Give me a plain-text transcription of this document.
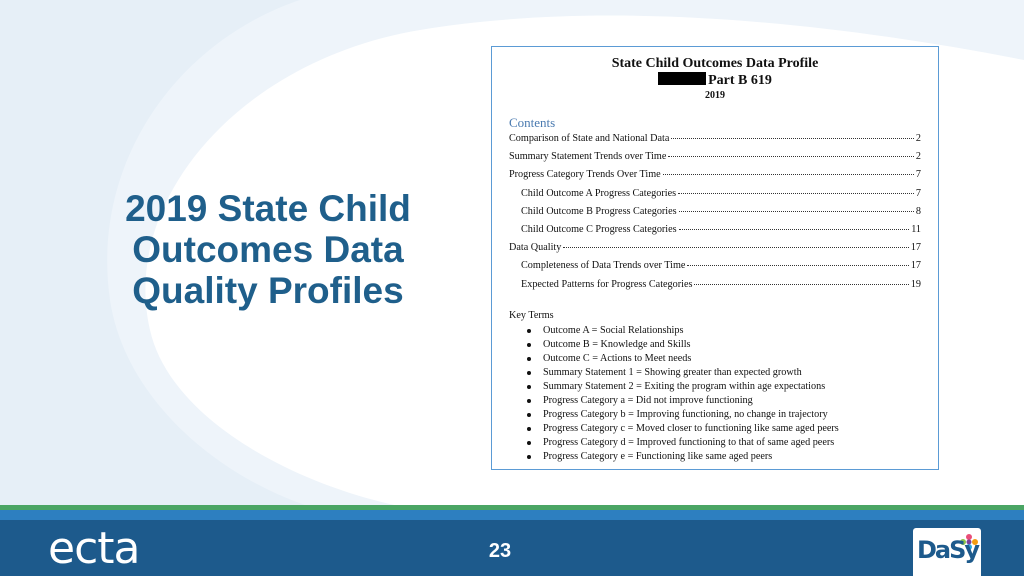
2019 State Child Outcomes Data Quality Profiles
State Child Outcomes Data Profile
Part B 619
2019
Contents
Comparison of State and National Data	2
Summary Statement Trends over Time	2
Progress Category Trends Over Time	7
Child Outcome A Progress Categories	7
Child Outcome B Progress Categories	8
Child Outcome C Progress Categories	11
Data Quality	17
Completeness of Data Trends over Time	17
Expected Patterns for Progress Categories	19
Key Terms
Outcome A = Social Relationships
Outcome B = Knowledge and Skills
Outcome C = Actions to Meet needs
Summary Statement 1 = Showing greater than expected growth
Summary Statement 2 = Exiting the program within age expectations
Progress Category a = Did not improve functioning
Progress Category b = Improving functioning, no change in trajectory
Progress Category c = Moved closer to functioning like same aged peers
Progress Category d = Improved functioning to that of same aged peers
Progress Category e = Functioning like same aged peers
ecta	23	DaSy
